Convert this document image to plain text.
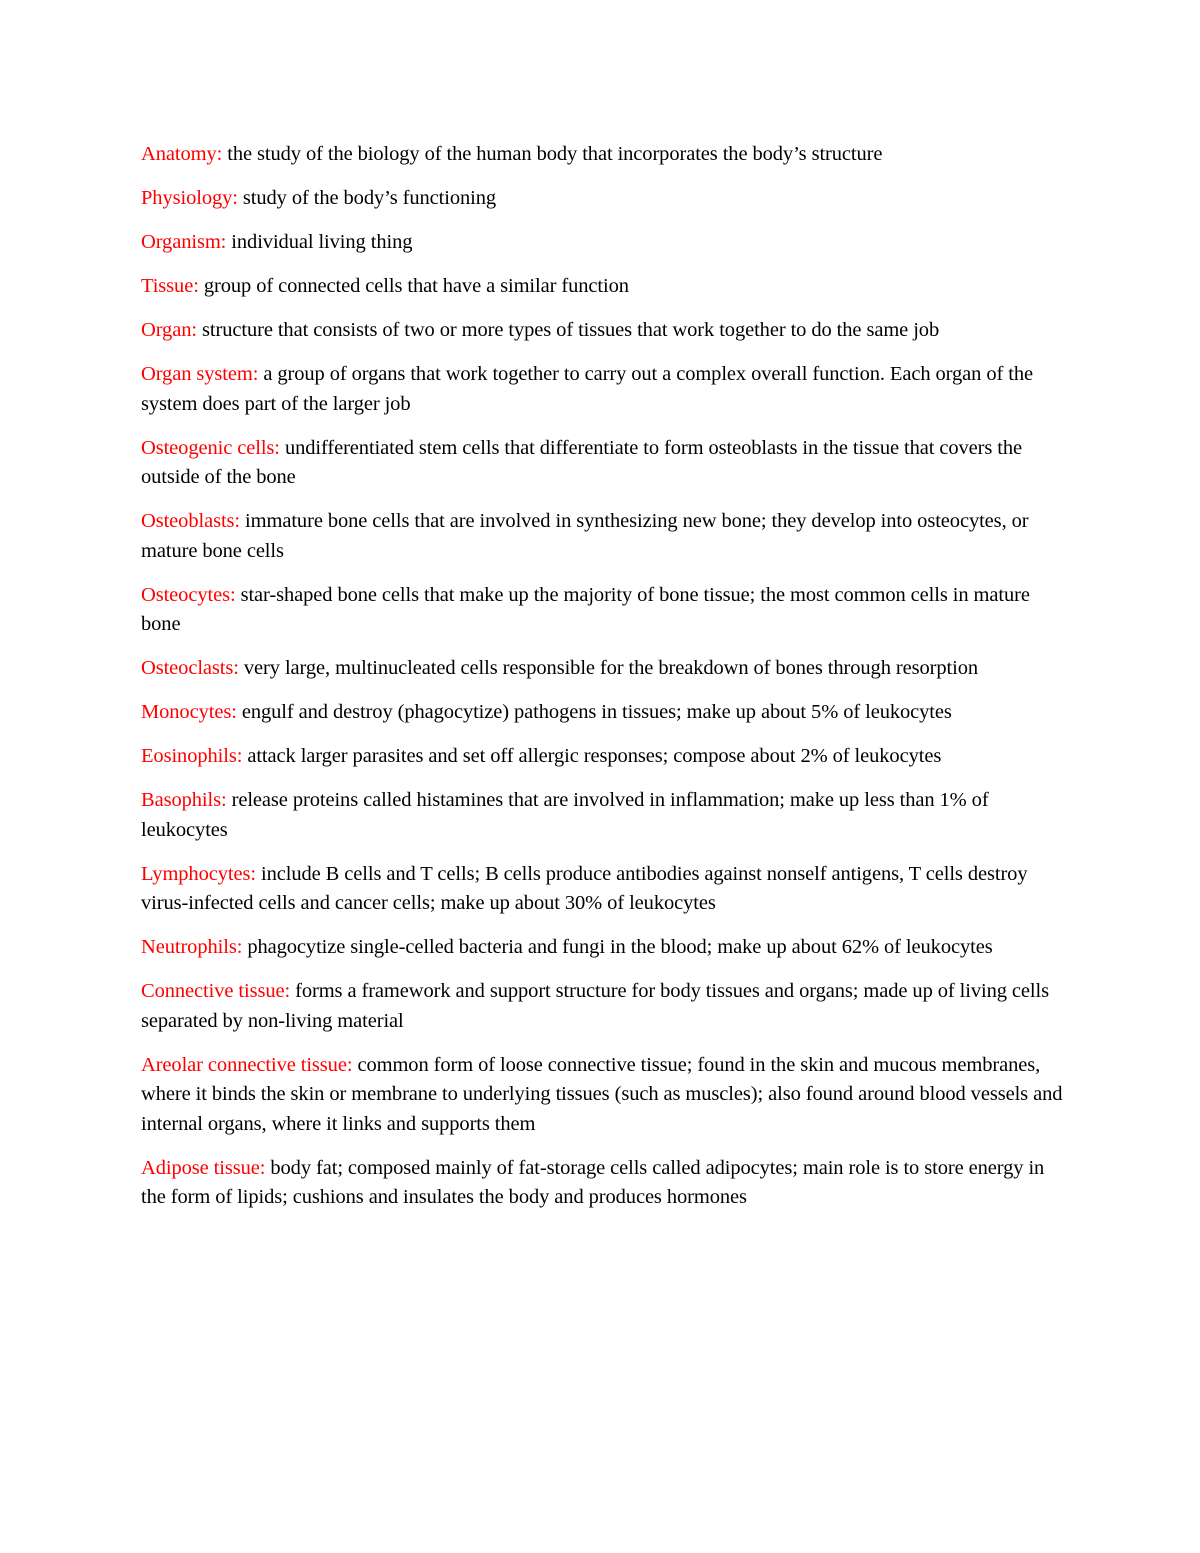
Anatomy: the study of the biology of the human body that incorporates the body’s structure

Physiology: study of the body’s functioning

Organism: individual living thing

Tissue: group of connected cells that have a similar function

Organ: structure that consists of two or more types of tissues that work together to do the same job

Organ system: a group of organs that work together to carry out a complex overall function. Each organ of the system does part of the larger job

Osteogenic cells: undifferentiated stem cells that differentiate to form osteoblasts in the tissue that covers the outside of the bone

Osteoblasts: immature bone cells that are involved in synthesizing new bone; they develop into osteocytes, or mature bone cells

Osteocytes: star-shaped bone cells that make up the majority of bone tissue; the most common cells in mature bone

Osteoclasts: very large, multinucleated cells responsible for the breakdown of bones through resorption

Monocytes: engulf and destroy (phagocytize) pathogens in tissues; make up about 5% of leukocytes

Eosinophils: attack larger parasites and set off allergic responses; compose about 2% of leukocytes

Basophils: release proteins called histamines that are involved in inflammation; make up less than 1% of leukocytes

Lymphocytes: include B cells and T cells; B cells produce antibodies against nonself antigens, T cells destroy virus-infected cells and cancer cells; make up about 30% of leukocytes

Neutrophils: phagocytize single-celled bacteria and fungi in the blood; make up about 62% of leukocytes

Connective tissue: forms a framework and support structure for body tissues and organs; made up of living cells separated by non-living material

Areolar connective tissue: common form of loose connective tissue; found in the skin and mucous membranes, where it binds the skin or membrane to underlying tissues (such as muscles); also found around blood vessels and internal organs, where it links and supports them

Adipose tissue: body fat; composed mainly of fat-storage cells called adipocytes; main role is to store energy in the form of lipids; cushions and insulates the body and produces hormones
